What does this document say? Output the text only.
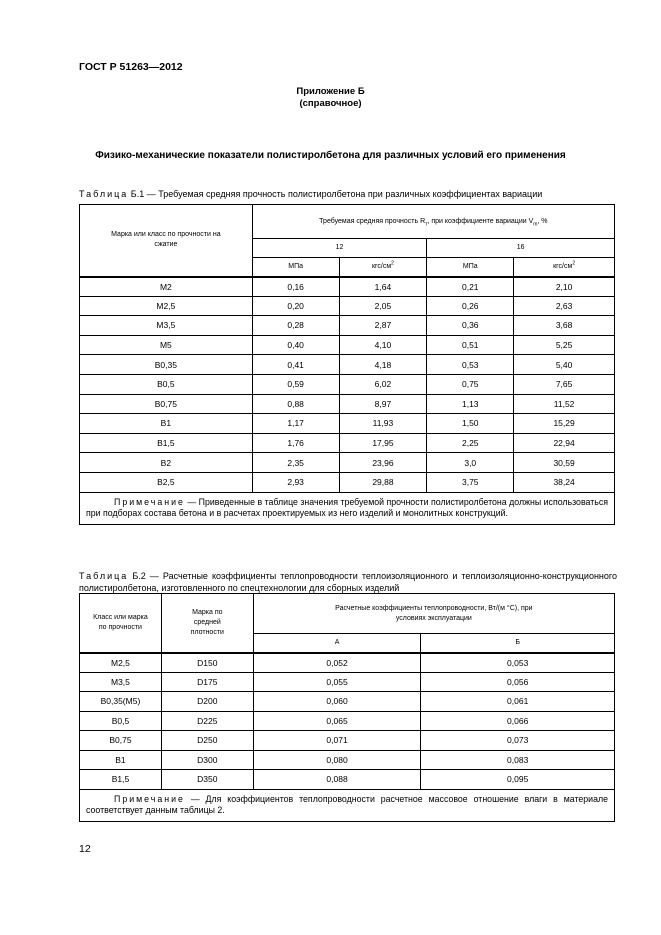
ГОСТ Р 51263—2012
Приложение Б
(справочное)
Физико-механические показатели полистиролбетона для различных условий его применения
Таблица Б.1 — Требуемая средняя прочность полистиролбетона при различных коэффициентах вариации
Марка или класс по прочности на сжатие	Требуемая средняя прочность $R_т$, при коэффициенте вариации $V_m$, %			
	12		16	
	МПа	кгс/$см^2$	МПа	кгс/$см^2$
М2	0,16	1,64	0,21	2,10
М2,5	0,20	2,05	0,26	2,63
М3,5	0,28	2,87	0,36	3,68
М5	0,40	4,10	0,51	5,25
В0,35	0,41	4,18	0,53	5,40
В0,5	0,59	6,02	0,75	7,65
В0,75	0,88	8,97	1,13	11,52
В1	1,17	11,93	1,50	15,29
В1,5	1,76	17,95	2,25	22,94
В2	2,35	23,96	3,0	30,59
В2,5	2,93	29,88	3,75	38,24
Примечание — Приведенные в таблице значения требуемой прочности полистиролбетона должны использоваться при подборах состава бетона и в расчетах проектируемых из него изделий и монолитных конструкций.				
Таблица Б.2 — Расчетные коэффициенты теплопроводности теплоизоляционного и теплоизоляционно-конструкционного полистиролбетона, изготовленного по спецтехнологии для сборных изделий
Класс или марка по прочности	Марка по средней плотности	Расчетные коэффициенты теплопроводности, Вт/(м °С), при условиях эксплуатации	

		А	Б
М2,5	D150	0,052	0,053
М3,5	D175	0,055	0,056
В0,35(М5)	D200	0,060	0,061
В0,5	D225	0,065	0,066
В0,75	D250	0,071	0,073
В1	D300	0,080	0,083
В1,5	D350	0,088	0,095
Примечание — Для коэффициентов теплопроводности расчетное массовое отношение влаги в материале соответствует данным таблицы 2.			
12
